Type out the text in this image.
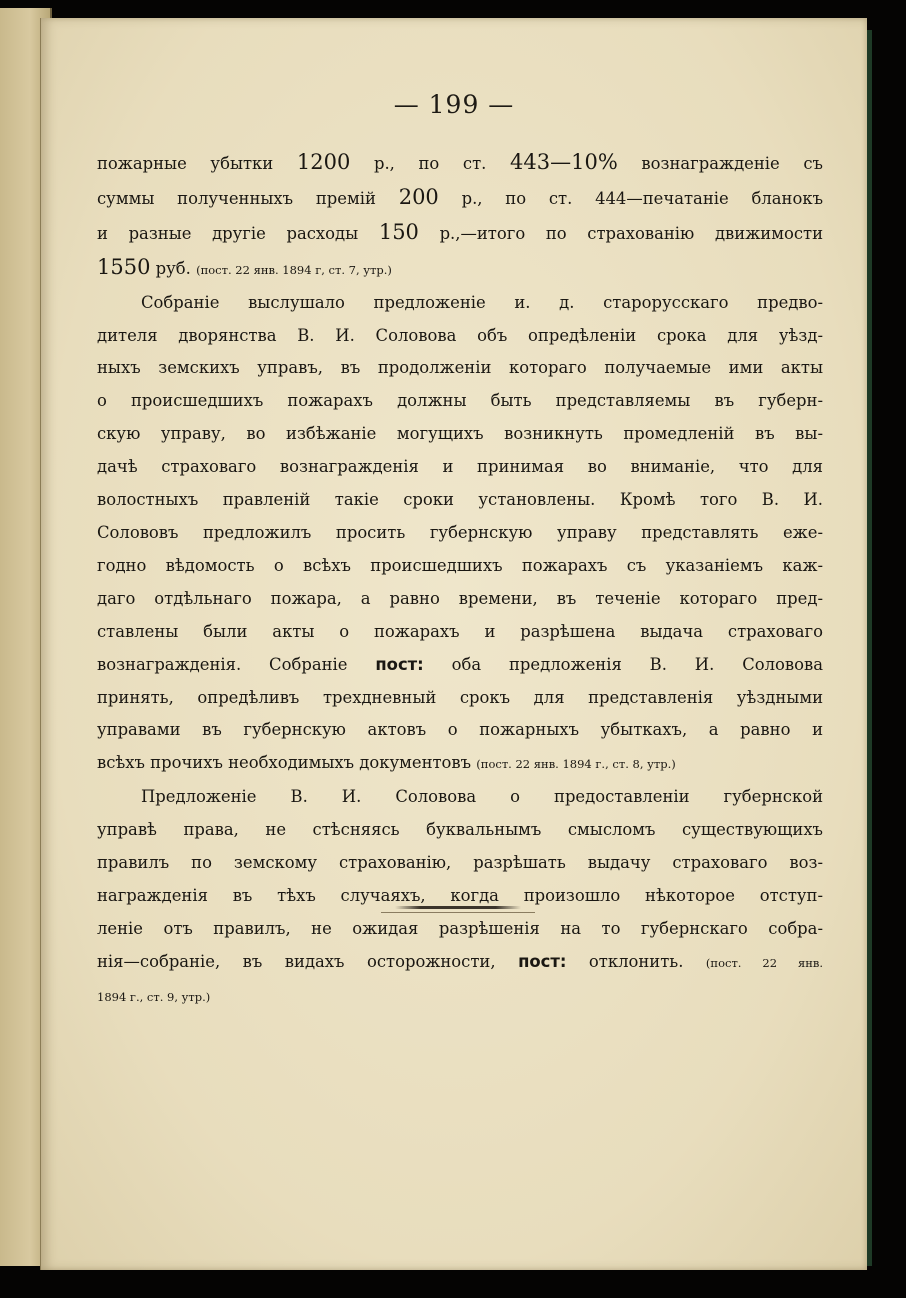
— 199 —
пожарные убытки 1200 р., по ст. 443—10% вознагражденіе съ
суммы полученныхъ премій 200 р., по ст. 444—печатаніе бланокъ
и разные другіе расходы 150 р.,—итого по страхованію движимости
1550 руб. (пост. 22 янв. 1894 г, ст. 7, утр.)
Собраніе выслушало предложеніе и. д. старорусскаго предво-
дителя дворянства В. И. Соловова объ опредѣленіи срока для уѣзд-
ныхъ земскихъ управъ, въ продолженіи котораго получаемые ими акты
о происшедшихъ пожарахъ должны быть представляемы въ губерн-
скую управу, во избѣжаніе могущихъ возникнуть промедленій въ вы-
дачѣ страховаго вознагражденія и принимая во вниманіе, что для
волостныхъ правленій такіе сроки установлены. Кромѣ того В. И.
Солововъ предложилъ просить губернскую управу представлять еже-
годно вѣдомость о всѣхъ происшедшихъ пожарахъ съ указаніемъ каж-
даго отдѣльнаго пожара, а равно времени, въ теченіе котораго пред-
ставлены были акты о пожарахъ и разрѣшена выдача страховаго
вознагражденія. Собраніе пост: оба предложенія В. И. Соловова
принять, опредѣливъ трехдневный срокъ для представленія уѣздными
управами въ губернскую актовъ о пожарныхъ убыткахъ, а равно и
всѣхъ прочихъ необходимыхъ документовъ (пост. 22 янв. 1894 г., ст. 8, утр.)
Предложеніе В. И. Соловова о предоставленіи губернской
управѣ права, не стѣсняясь буквальнымъ смысломъ существующихъ
правилъ по земскому страхованію, разрѣшать выдачу страховаго воз-
награжденія въ тѣхъ случаяхъ, когда произошло нѣкоторое отступ-
леніе отъ правилъ, не ожидая разрѣшенія на то губернскаго собра-
нія—собраніе, въ видахъ осторожности, пост: отклонить. (пост. 22 янв.
1894 г., ст. 9, утр.)
